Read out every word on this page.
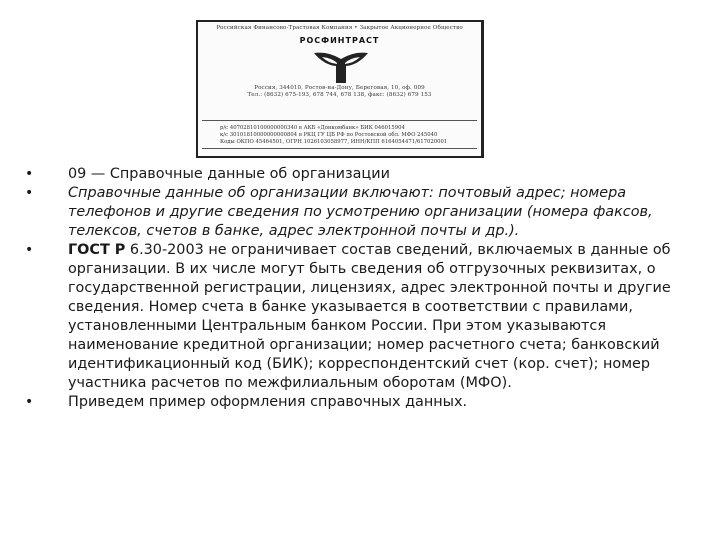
Российская Финансово-Трастовая Компания • Закрытое Акционерное Общество
РОСФИНТРАСТ
Россия, 344010, Ростов-на-Дону, Береговая, 10, оф. 009
Тел.: (8632) 675-193, 678 744, 678 138, факс: (8632) 679 153
р/с 40702810100000000340 в АКБ «Донкомбанк» БИК 046015904
к/с 30101810000000000804 в РКЦ ГУ ЦБ РФ по Ростовской обл. МФО 245040
Коды ОКПО 45464501, ОГРН 1026103058977, ИНН/КПП 6164054471/617020001
• 09 — Справочные данные об организации
• Справочные данные об организации включают: почтовый адрес; номера телефонов и другие сведения по усмотрению организации (номера факсов, телексов, счетов в банке, адрес электронной почты и др.).
• ГОСТ Р 6.30-2003 не ограничивает состав сведений, включаемых в данные об организации. В их числе могут быть сведения об отгрузочных реквизитах, о государственной регистрации, лицензиях, адрес электронной почты и другие сведения. Номер счета в банке указывается в соответствии с правилами, установленными Центральным банком России. При этом указываются наименование кредитной организации; номер расчетного счета; банковский идентификационный код (БИК); корреспондентский счет (кор. счет); номер участника расчетов по межфилиальным оборотам (МФО).
• Приведем пример оформления справочных данных.
